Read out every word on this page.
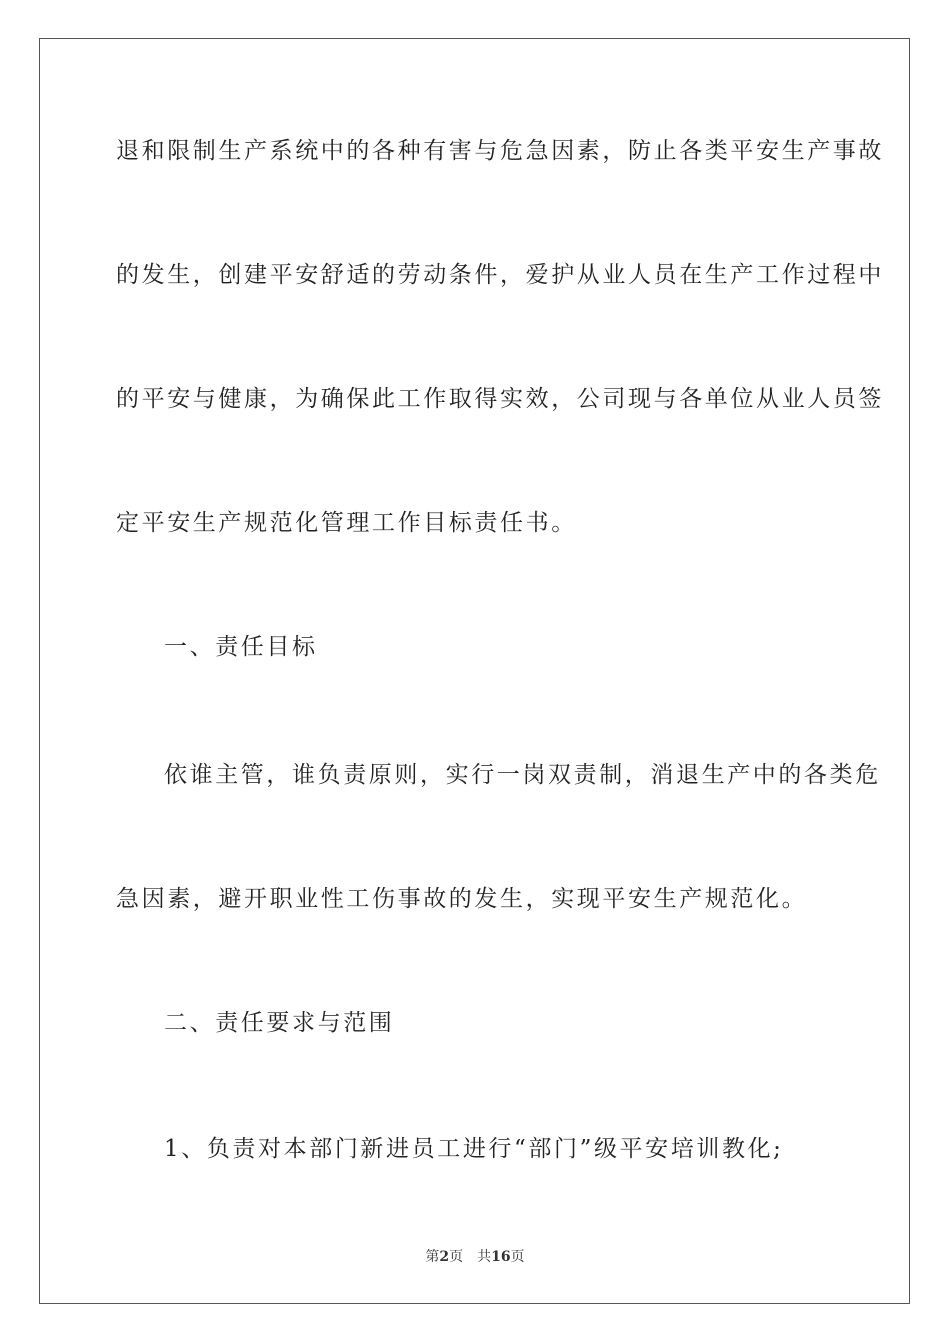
退和限制生产系统中的各种有害与危急因素，防止各类平安生产事故
的发生，创建平安舒适的劳动条件，爱护从业人员在生产工作过程中
的平安与健康，为确保此工作取得实效，公司现与各单位从业人员签
定平安生产规范化管理工作目标责任书。
一、责任目标
依谁主管，谁负责原则，实行一岗双责制，消退生产中的各类危
急因素，避开职业性工伤事故的发生，实现平安生产规范化。
二、责任要求与范围
1、负责对本部门新进员工进行“部门”级平安培训教化;
第2页 共16页
